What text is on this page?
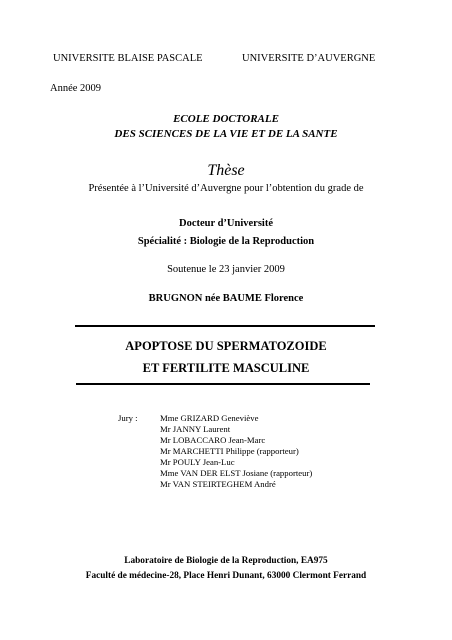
UNIVERSITE BLAISE PASCALE	UNIVERSITE D’AUVERGNE
Année 2009
ECOLE DOCTORALE
DES SCIENCES DE LA VIE ET DE LA SANTE
Thèse
Présentée à l’Université d’Auvergne pour l’obtention du grade de
Docteur d’Université
Spécialité : Biologie de la Reproduction
Soutenue le 23 janvier 2009
BRUGNON née BAUME Florence
APOPTOSE DU SPERMATOZOIDE
ET FERTILITE MASCULINE
Jury :	Mme GRIZARD Geneviève
Mr JANNY Laurent
Mr LOBACCARO Jean-Marc
Mr MARCHETTI Philippe (rapporteur)
Mr POULY Jean-Luc
Mme VAN DER ELST Josiane (rapporteur)
Mr VAN STEIRTEGHEM André
Laboratoire de Biologie de la Reproduction, EA975
Faculté de médecine-28, Place Henri Dunant, 63000 Clermont Ferrand
